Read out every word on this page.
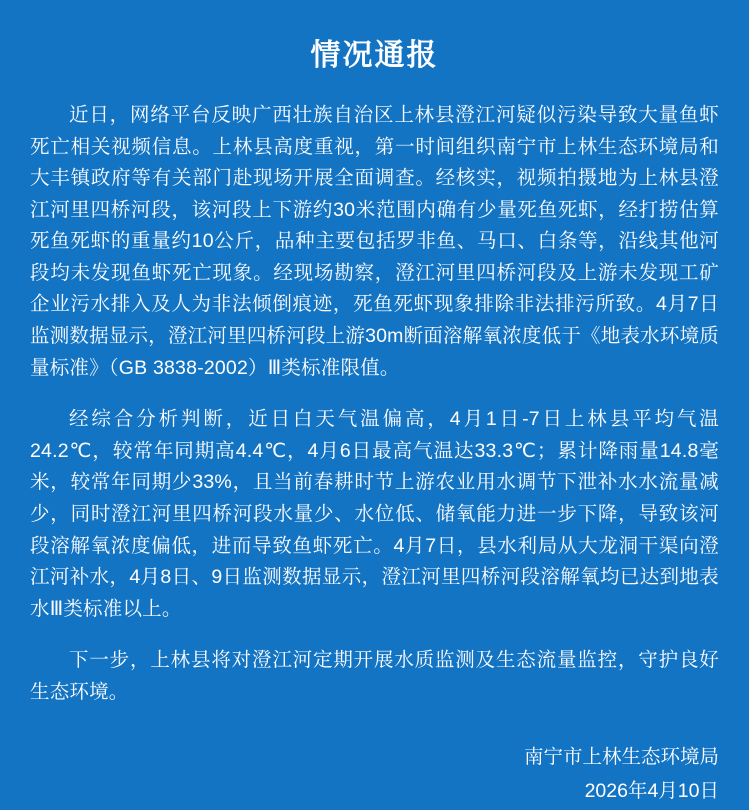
情况通报

近日，网络平台反映广西壮族自治区上林县澄江河疑似污染导致大量鱼虾死亡相关视频信息。上林县高度重视，第一时间组织南宁市上林生态环境局和大丰镇政府等有关部门赴现场开展全面调查。经核实，视频拍摄地为上林县澄江河里四桥河段，该河段上下游约30米范围内确有少量死鱼死虾，经打捞估算死鱼死虾的重量约10公斤，品种主要包括罗非鱼、马口、白条等，沿线其他河段均未发现鱼虾死亡现象。经现场勘察，澄江河里四桥河段及上游未发现工矿企业污水排入及人为非法倾倒痕迹，死鱼死虾现象排除非法排污所致。4月7日监测数据显示，澄江河里四桥河段上游30m断面溶解氧浓度低于《地表水环境质量标准》（GB 3838-2002）Ⅲ类标准限值。

经综合分析判断，近日白天气温偏高，4月1日-7日上林县平均气温24.2℃，较常年同期高4.4℃，4月6日最高气温达33.3℃；累计降雨量14.8毫米，较常年同期少33%，且当前春耕时节上游农业用水调节下泄补水水流量减少，同时澄江河里四桥河段水量少、水位低、储氧能力进一步下降，导致该河段溶解氧浓度偏低，进而导致鱼虾死亡。4月7日，县水利局从大龙洞干渠向澄江河补水，4月8日、9日监测数据显示，澄江河里四桥河段溶解氧均已达到地表水Ⅲ类标准以上。

下一步，上林县将对澄江河定期开展水质监测及生态流量监控，守护良好生态环境。

南宁市上林生态环境局
2026年4月10日
